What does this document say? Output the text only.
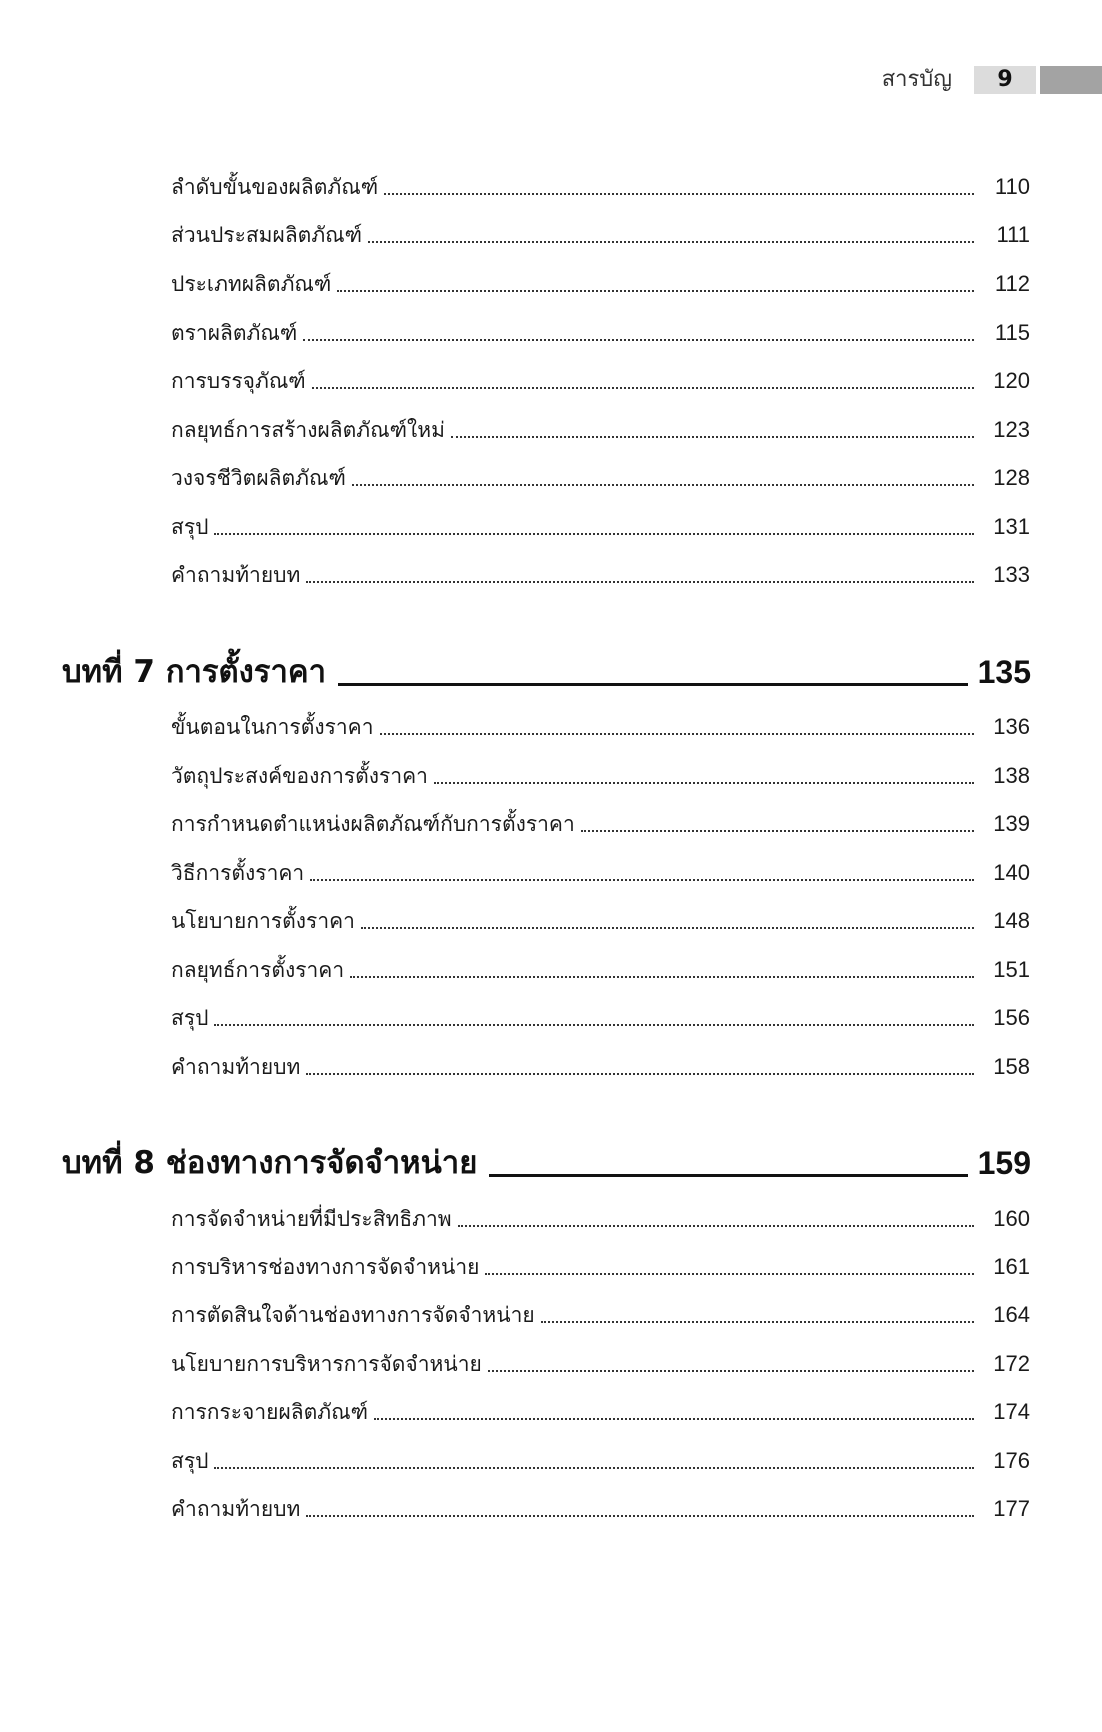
สารบัญ	9
ลำดับขั้นของผลิตภัณฑ์	110
ส่วนประสมผลิตภัณฑ์	111
ประเภทผลิตภัณฑ์	112
ตราผลิตภัณฑ์	115
การบรรจุภัณฑ์	120
กลยุทธ์การสร้างผลิตภัณฑ์ใหม่	123
วงจรชีวิตผลิตภัณฑ์	128
สรุป	131
คำถามท้ายบท	133
บทที่ 7 การตั้งราคา	135
ขั้นตอนในการตั้งราคา	136
วัตถุประสงค์ของการตั้งราคา	138
การกำหนดตำแหน่งผลิตภัณฑ์กับการตั้งราคา	139
วิธีการตั้งราคา	140
นโยบายการตั้งราคา	148
กลยุทธ์การตั้งราคา	151
สรุป	156
คำถามท้ายบท	158
บทที่ 8 ช่องทางการจัดจำหน่าย	159
การจัดจำหน่ายที่มีประสิทธิภาพ	160
การบริหารช่องทางการจัดจำหน่าย	161
การตัดสินใจด้านช่องทางการจัดจำหน่าย	164
นโยบายการบริหารการจัดจำหน่าย	172
การกระจายผลิตภัณฑ์	174
สรุป	176
คำถามท้ายบท	177
